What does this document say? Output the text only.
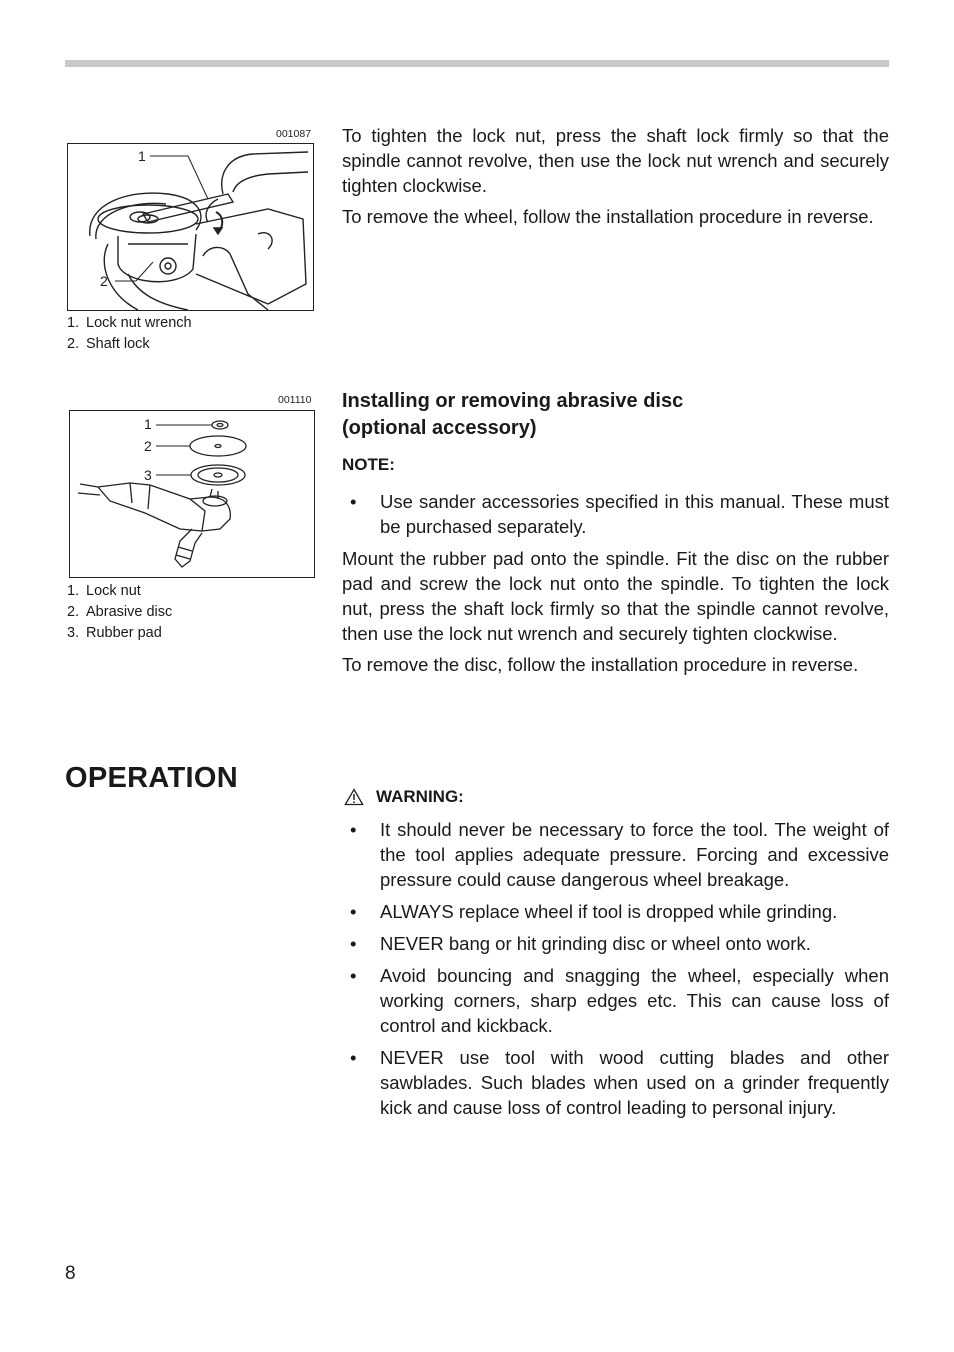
001087
1
2
1. Lock nut wrench
2. Shaft lock

To tighten the lock nut, press the shaft lock firmly so that the spindle cannot revolve, then use the lock nut wrench and securely tighten clockwise.

To remove the wheel, follow the installation procedure in reverse.

001110
1
2
3
1. Lock nut
2. Abrasive disc
3. Rubber pad
Installing or removing abrasive disc
(optional accessory)
NOTE:
• Use sander accessories specified in this manual. These must be purchased separately.

Mount the rubber pad onto the spindle. Fit the disc on the rubber pad and screw the lock nut onto the spindle. To tighten the lock nut, press the shaft lock firmly so that the spindle cannot revolve, then use the lock nut wrench and securely tighten clockwise.

To remove the disc, follow the installation procedure in reverse.

OPERATION
WARNING:
• It should never be necessary to force the tool. The weight of the tool applies adequate pressure. Forcing and excessive pressure could cause dangerous wheel breakage.
• ALWAYS replace wheel if tool is dropped while grinding.
• NEVER bang or hit grinding disc or wheel onto work.
• Avoid bouncing and snagging the wheel, especially when working corners, sharp edges etc. This can cause loss of control and kickback.
• NEVER use tool with wood cutting blades and other sawblades. Such blades when used on a grinder frequently kick and cause loss of control leading to personal injury.
8
